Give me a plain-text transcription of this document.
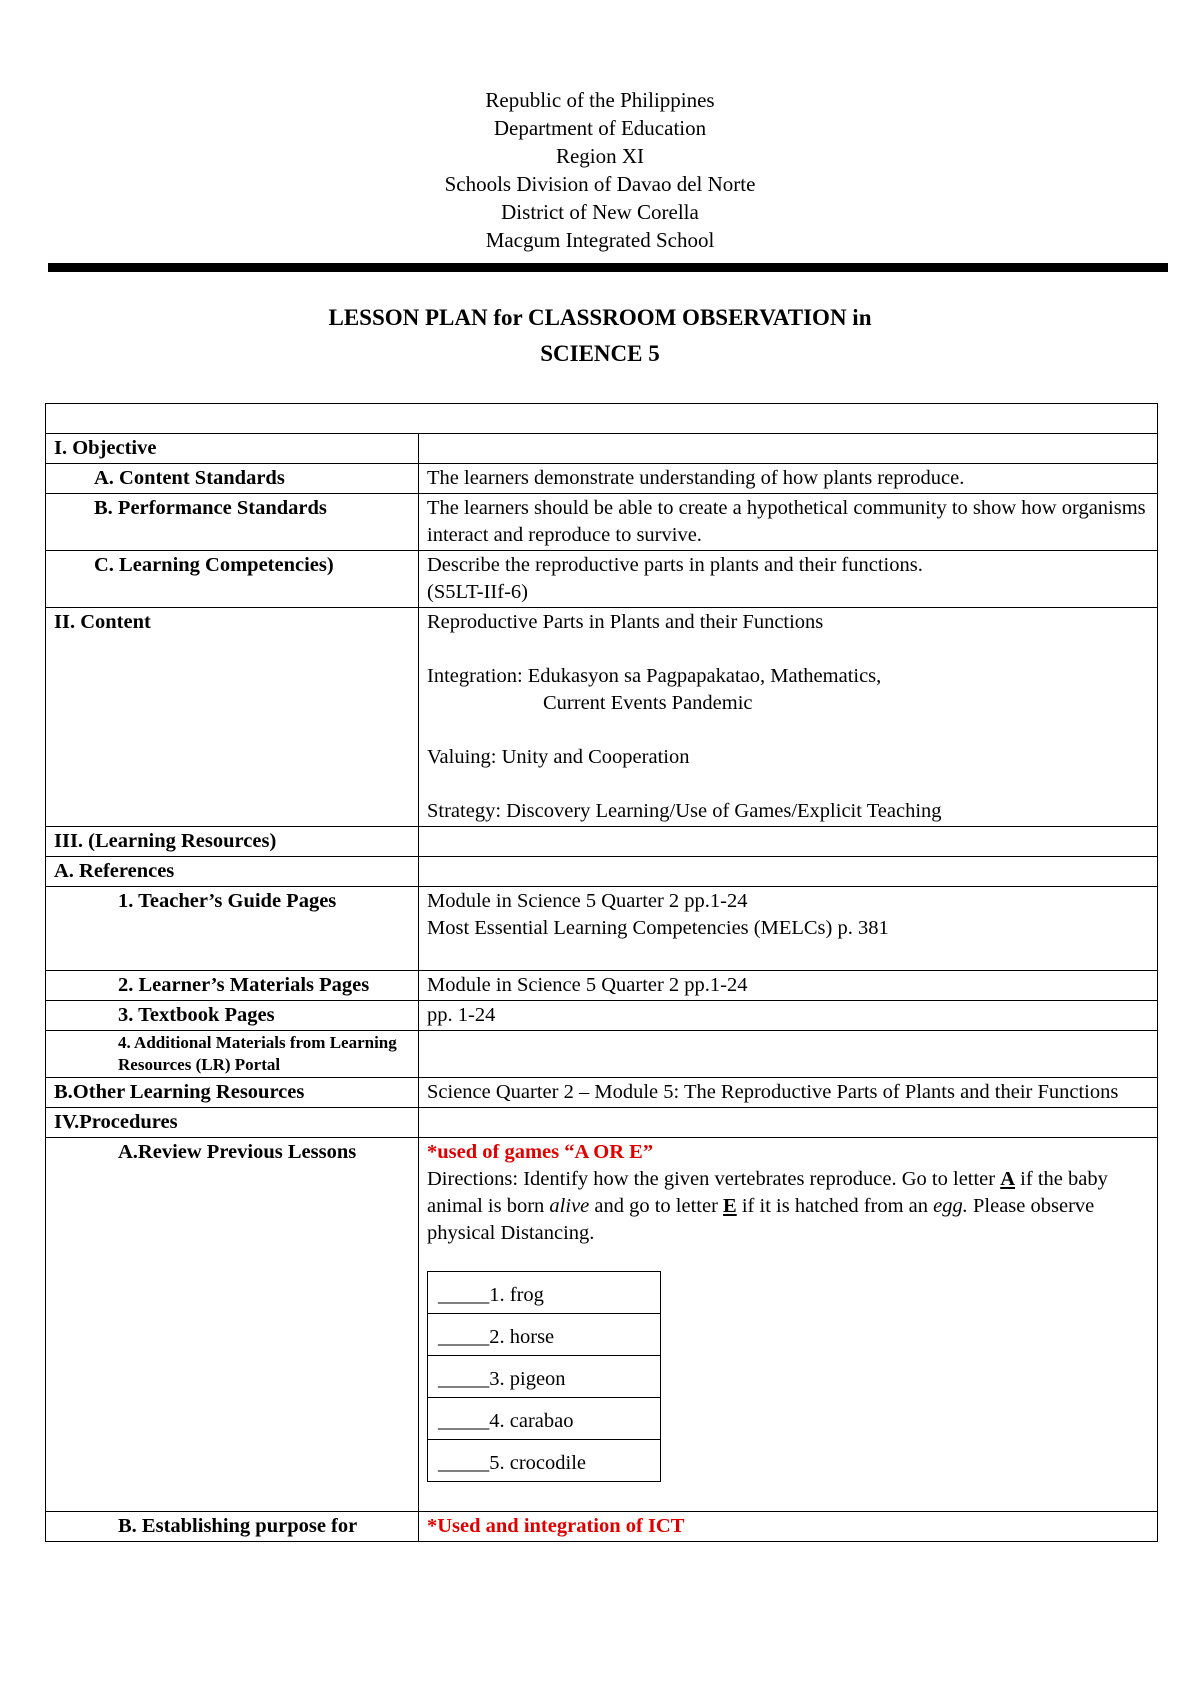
Republic of the Philippines
Department of Education
Region XI
Schools Division of Davao del Norte
District of New Corella
Macgum Integrated School
LESSON PLAN for CLASSROOM OBSERVATION in
SCIENCE 5

I. Objective	
A. Content Standards	The learners demonstrate understanding of how plants reproduce.
B. Performance Standards	The learners should be able to create a hypothetical community to show how organisms interact and reproduce to survive.
C. Learning Competencies)	Describe the reproductive parts in plants and their functions.
(S5LT-IIf-6)

II. Content	Reproductive Parts in Plants and their Functions
Integration: Edukasyon sa Pagpapakatao, Mathematics,
Current Events Pandemic
Valuing: Unity and Cooperation
Strategy: Discovery Learning/Use of Games/Explicit Teaching

III. (Learning Resources)	
A. References	
1. Teacher’s Guide Pages	Module in Science 5 Quarter 2 pp.1-24
Most Essential Learning Competencies (MELCs) p. 381

2. Learner’s Materials Pages	Module in Science 5 Quarter 2 pp.1-24
3. Textbook Pages	pp. 1-24
4. Additional Materials from Learning Resources (LR) Portal	
B.Other Learning Resources	Science Quarter 2 – Module 5: The Reproductive Parts of Plants and their Functions
IV.Procedures	
A.Review Previous Lessons	*used of games “A OR E”
Directions: Identify how the given vertebrates reproduce. Go to letter A if the baby animal is born alive and go to letter E if it is hatched from an egg. Please observe physical Distancing.
_____1. frog
_____2. horse
_____3. pigeon
_____4. carabao
_____5. crocodile

B. Establishing purpose for	*Used and integration of ICT
